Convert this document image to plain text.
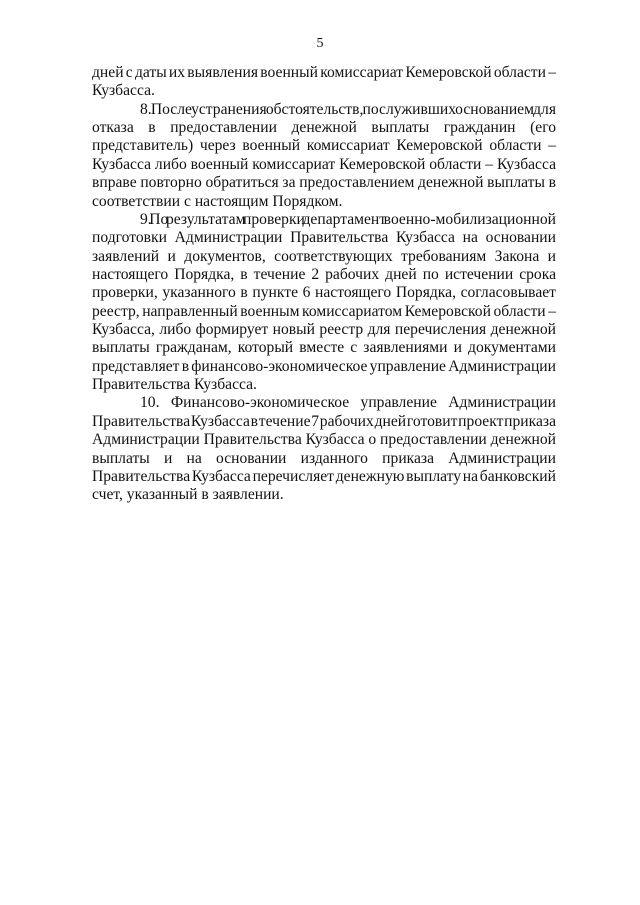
5
дней с даты их выявления военный комиссариат Кемеровской области –
Кузбасса.
8. После устранения обстоятельств, послуживших основанием для
отказа в предоставлении денежной выплаты гражданин (его
представитель) через военный комиссариат Кемеровской области –
Кузбасса либо военный комиссариат Кемеровской области – Кузбасса
вправе повторно обратиться за предоставлением денежной выплаты в
соответствии с настоящим Порядком.
9. По результатам проверки департамент военно-мобилизационной
подготовки Администрации Правительства Кузбасса на основании
заявлений и документов, соответствующих требованиям Закона и
настоящего Порядка, в течение 2 рабочих дней по истечении срока
проверки, указанного в пункте 6 настоящего Порядка, согласовывает
реестр, направленный военным комиссариатом Кемеровской области –
Кузбасса, либо формирует новый реестр для перечисления денежной
выплаты гражданам, который вместе с заявлениями и документами
представляет в финансово-экономическое управление Администрации
Правительства Кузбасса.
10. Финансово-экономическое управление Администрации
Правительства Кузбасса в течение 7 рабочих дней готовит проект приказа
Администрации Правительства Кузбасса о предоставлении денежной
выплаты и на основании изданного приказа Администрации
Правительства Кузбасса перечисляет денежную выплату на банковский
счет, указанный в заявлении.
